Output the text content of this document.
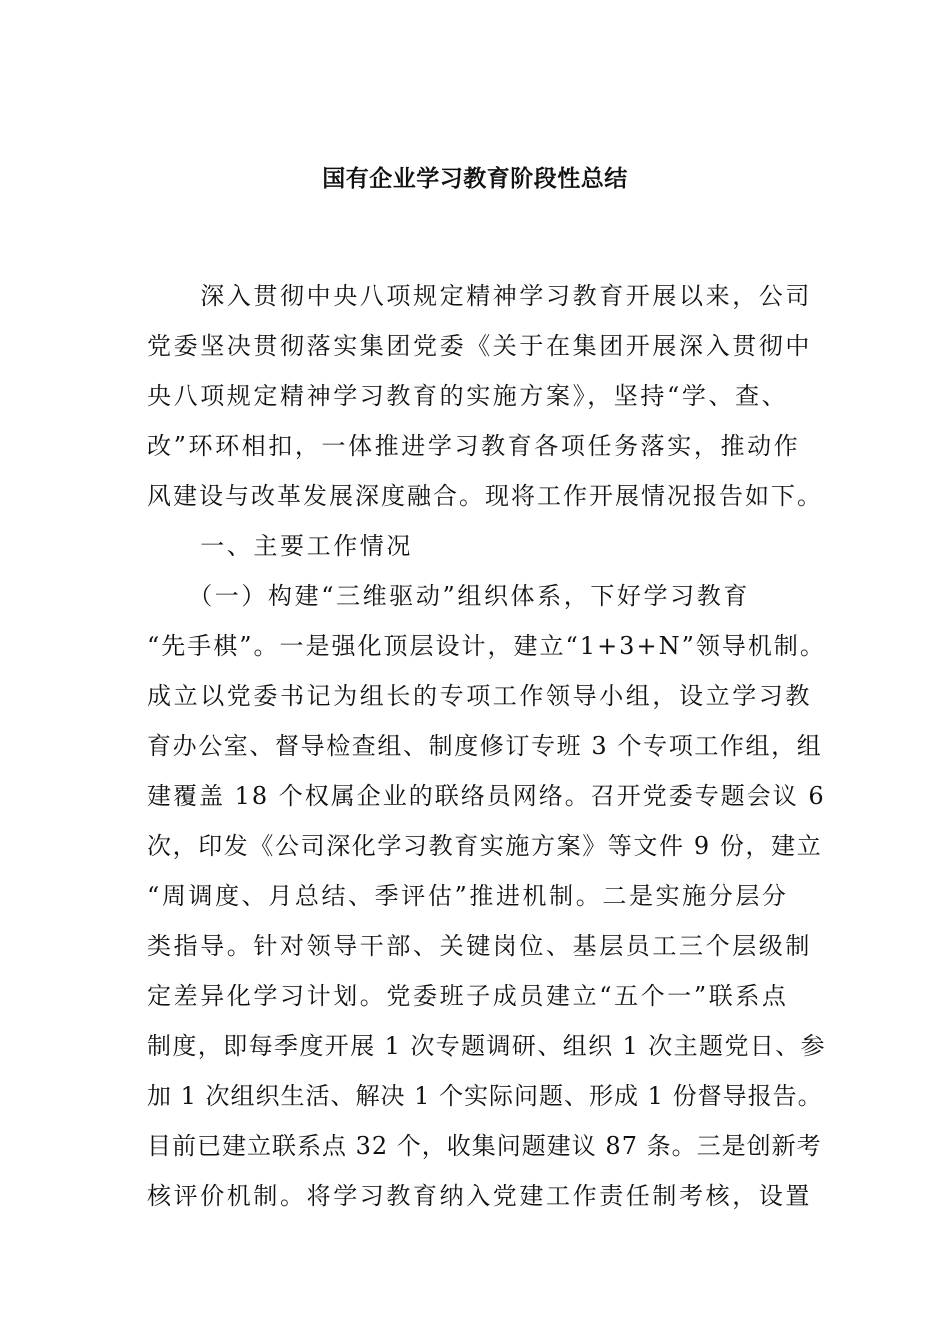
国有企业学习教育阶段性总结
　　深入贯彻中央八项规定精神学习教育开展以来，公司
党委坚决贯彻落实集团党委《关于在集团开展深入贯彻中
央八项规定精神学习教育的实施方案》，坚持“学、查、
改”环环相扣，一体推进学习教育各项任务落实，推动作
风建设与改革发展深度融合。现将工作开展情况报告如下。
　　一、主要工作情况
　　（一）构建“三维驱动”组织体系，下好学习教育
“先手棋”。一是强化顶层设计，建立“1+3+N”领导机制。
成立以党委书记为组长的专项工作领导小组，设立学习教
育办公室、督导检查组、制度修订专班 3 个专项工作组，组
建覆盖 18 个权属企业的联络员网络。召开党委专题会议 6
次，印发《公司深化学习教育实施方案》等文件 9 份，建立
“周调度、月总结、季评估”推进机制。二是实施分层分
类指导。针对领导干部、关键岗位、基层员工三个层级制
定差异化学习计划。党委班子成员建立“五个一”联系点
制度，即每季度开展 1 次专题调研、组织 1 次主题党日、参
加 1 次组织生活、解决 1 个实际问题、形成 1 份督导报告。
目前已建立联系点 32 个，收集问题建议 87 条。三是创新考
核评价机制。将学习教育纳入党建工作责任制考核，设置
